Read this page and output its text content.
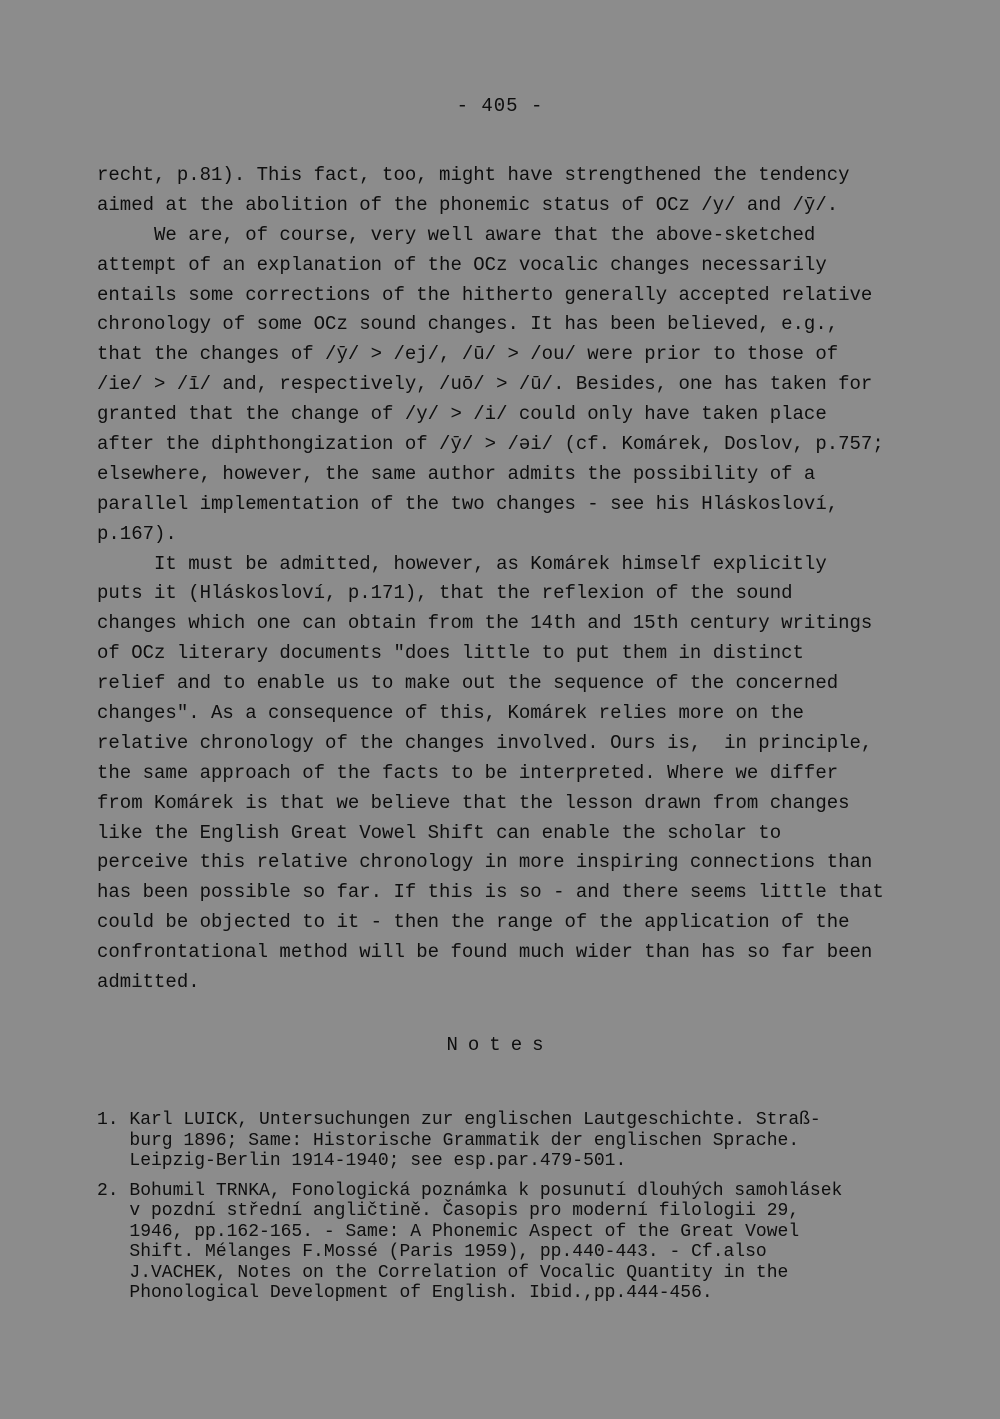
- 405 -
recht, p.81). This fact, too, might have strengthened the tendency
aimed at the abolition of the phonemic status of OCz /y/ and /ȳ/.
We are, of course, very well aware that the above-sketched
attempt of an explanation of the OCz vocalic changes necessarily
entails some corrections of the hitherto generally accepted relative
chronology of some OCz sound changes. It has been believed, e.g.,
that the changes of /ȳ/ > /ej/, /ū/ > /ou/ were prior to those of
/ie/ > /ī/ and, respectively, /uō/ > /ū/. Besides, one has taken for
granted that the change of /y/ > /i/ could only have taken place
after the diphthongization of /ȳ/ > /əi/ (cf. Komárek, Doslov, p.757;
elsewhere, however, the same author admits the possibility of a
parallel implementation of the two changes - see his Hláskosloví,
p.167).
It must be admitted, however, as Komárek himself explicitly
puts it (Hláskosloví, p.171), that the reflexion of the sound
changes which one can obtain from the 14th and 15th century writings
of OCz literary documents "does little to put them in distinct
relief and to enable us to make out the sequence of the concerned
changes". As a consequence of this, Komárek relies more on the
relative chronology of the changes involved. Ours is,  in principle,
the same approach of the facts to be interpreted. Where we differ
from Komárek is that we believe that the lesson drawn from changes
like the English Great Vowel Shift can enable the scholar to
perceive this relative chronology in more inspiring connections than
has been possible so far. If this is so - and there seems little that
could be objected to it - then the range of the application of the
confrontational method will be found much wider than has so far been
admitted.
Notes
1. Karl LUICK, Untersuchungen zur englischen Lautgeschichte. Straß-
burg 1896; Same: Historische Grammatik der englischen Sprache.
Leipzig-Berlin 1914-1940; see esp.par.479-501.
2. Bohumil TRNKA, Fonologická poznámka k posunutí dlouhých samohlásek
v pozdní střední angličtině. Časopis pro moderní filologii 29,
1946, pp.162-165. - Same: A Phonemic Aspect of the Great Vowel
Shift. Mélanges F.Mossé (Paris 1959), pp.440-443. - Cf.also
J.VACHEK, Notes on the Correlation of Vocalic Quantity in the
Phonological Development of English. Ibid.,pp.444-456.
